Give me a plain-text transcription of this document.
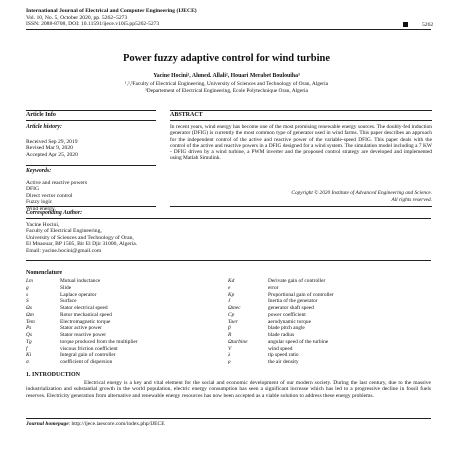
International Journal of Electrical and Computer Engineering (IJECE)
Vol. 10, No. 5, October 2020, pp. 5262~5273
ISSN: 2088-8708, DOI: 10.11591/ijece.v10i5.pp5262-5273	5262
Power fuzzy adaptive control for wind turbine
Yacine Hocini¹, Ahmed. Allali², Houari Merabet Boulouiha³
¹,²,³Faculty of Electrical Engineering, University of Sciences and Technology of Oran, Algeria
³Departement of Electrical Engineering, Ecole Polytechnique Oran, Algeria
Article Info	ABSTRACT
Article history:
Received Sep 29, 2019
Revised Mar 9, 2020
Accepted Apr 25, 2020
Keywords:
Active and reactive powers
DFIG
Direct vector control
Fuzzy logic
Wind energy
In recent years, wind energy has become one of the most promising renewable energy sources. The doubly-fed induction generator (DFIG) is currently the most common type of generator used in wind farms. This paper describes an approach for the independent control of the active and reactive power of the variable-speed DFIG. This paper deals with the control of the active and reactive powers in a DFIG designed for a wind system. The simulation model including a 7 KW - DFIG driven by a wind turbine, a PWM inverter and the proposed control strategy are developed and implemented using Matlab Simulink.
Copyright © 2020 Institute of Advanced Engineering and Science.
All rights reserved.
Corresponding Author:
Yacine Hocini,
Faculty of Electrical Engineering,
University of Sciences and Technology of Oran,
El Mnaouar, BP 1505, Bir El Djir 31000, Algeria.
Email: yacine.hocini@gmail.com
Nomenclature
Lm	Mutual inductance
g	Slide
s	Laplace operator
S	Surface
Ωs	Stator electrical speed
Ωm	Rotor mechanical speed
Tem	Electromagnetic torque
Ps	Stator active power
Qs	Stator reactive power
Tg	torque produced from the multiplier
f	viscous friction coefficient
Ki	Integral gain of controller
σ	coefficient of dispersion
Kd	Derivate gain of controller
e	error
Kp	Proportional gain of controller
J	Inertia of the generator
Ωmec	generator shaft speed
Cp	power coefficient
Taer	aerodynamic torque
β	blade pitch angle
R	blade radius
Ωturbine	angular speed of the turbine
V	wind speed
λ	tip speed ratio
ρ	the air density
1. INTRODUCTION
Electrical energy is a key and vital element for the social and economic development of our modern society. During the last century, due to the massive industrialization and substantial growth in the world population, electric energy consumption has seen a significant increase which has led to a progressive decline in fossil fuels reserves. Electricity generation from alternative and renewable energy resources has now been accepted as a viable solution to address these energy problems.
Journal homepage: http://ijece.iaescore.com/index.php/IJECE
